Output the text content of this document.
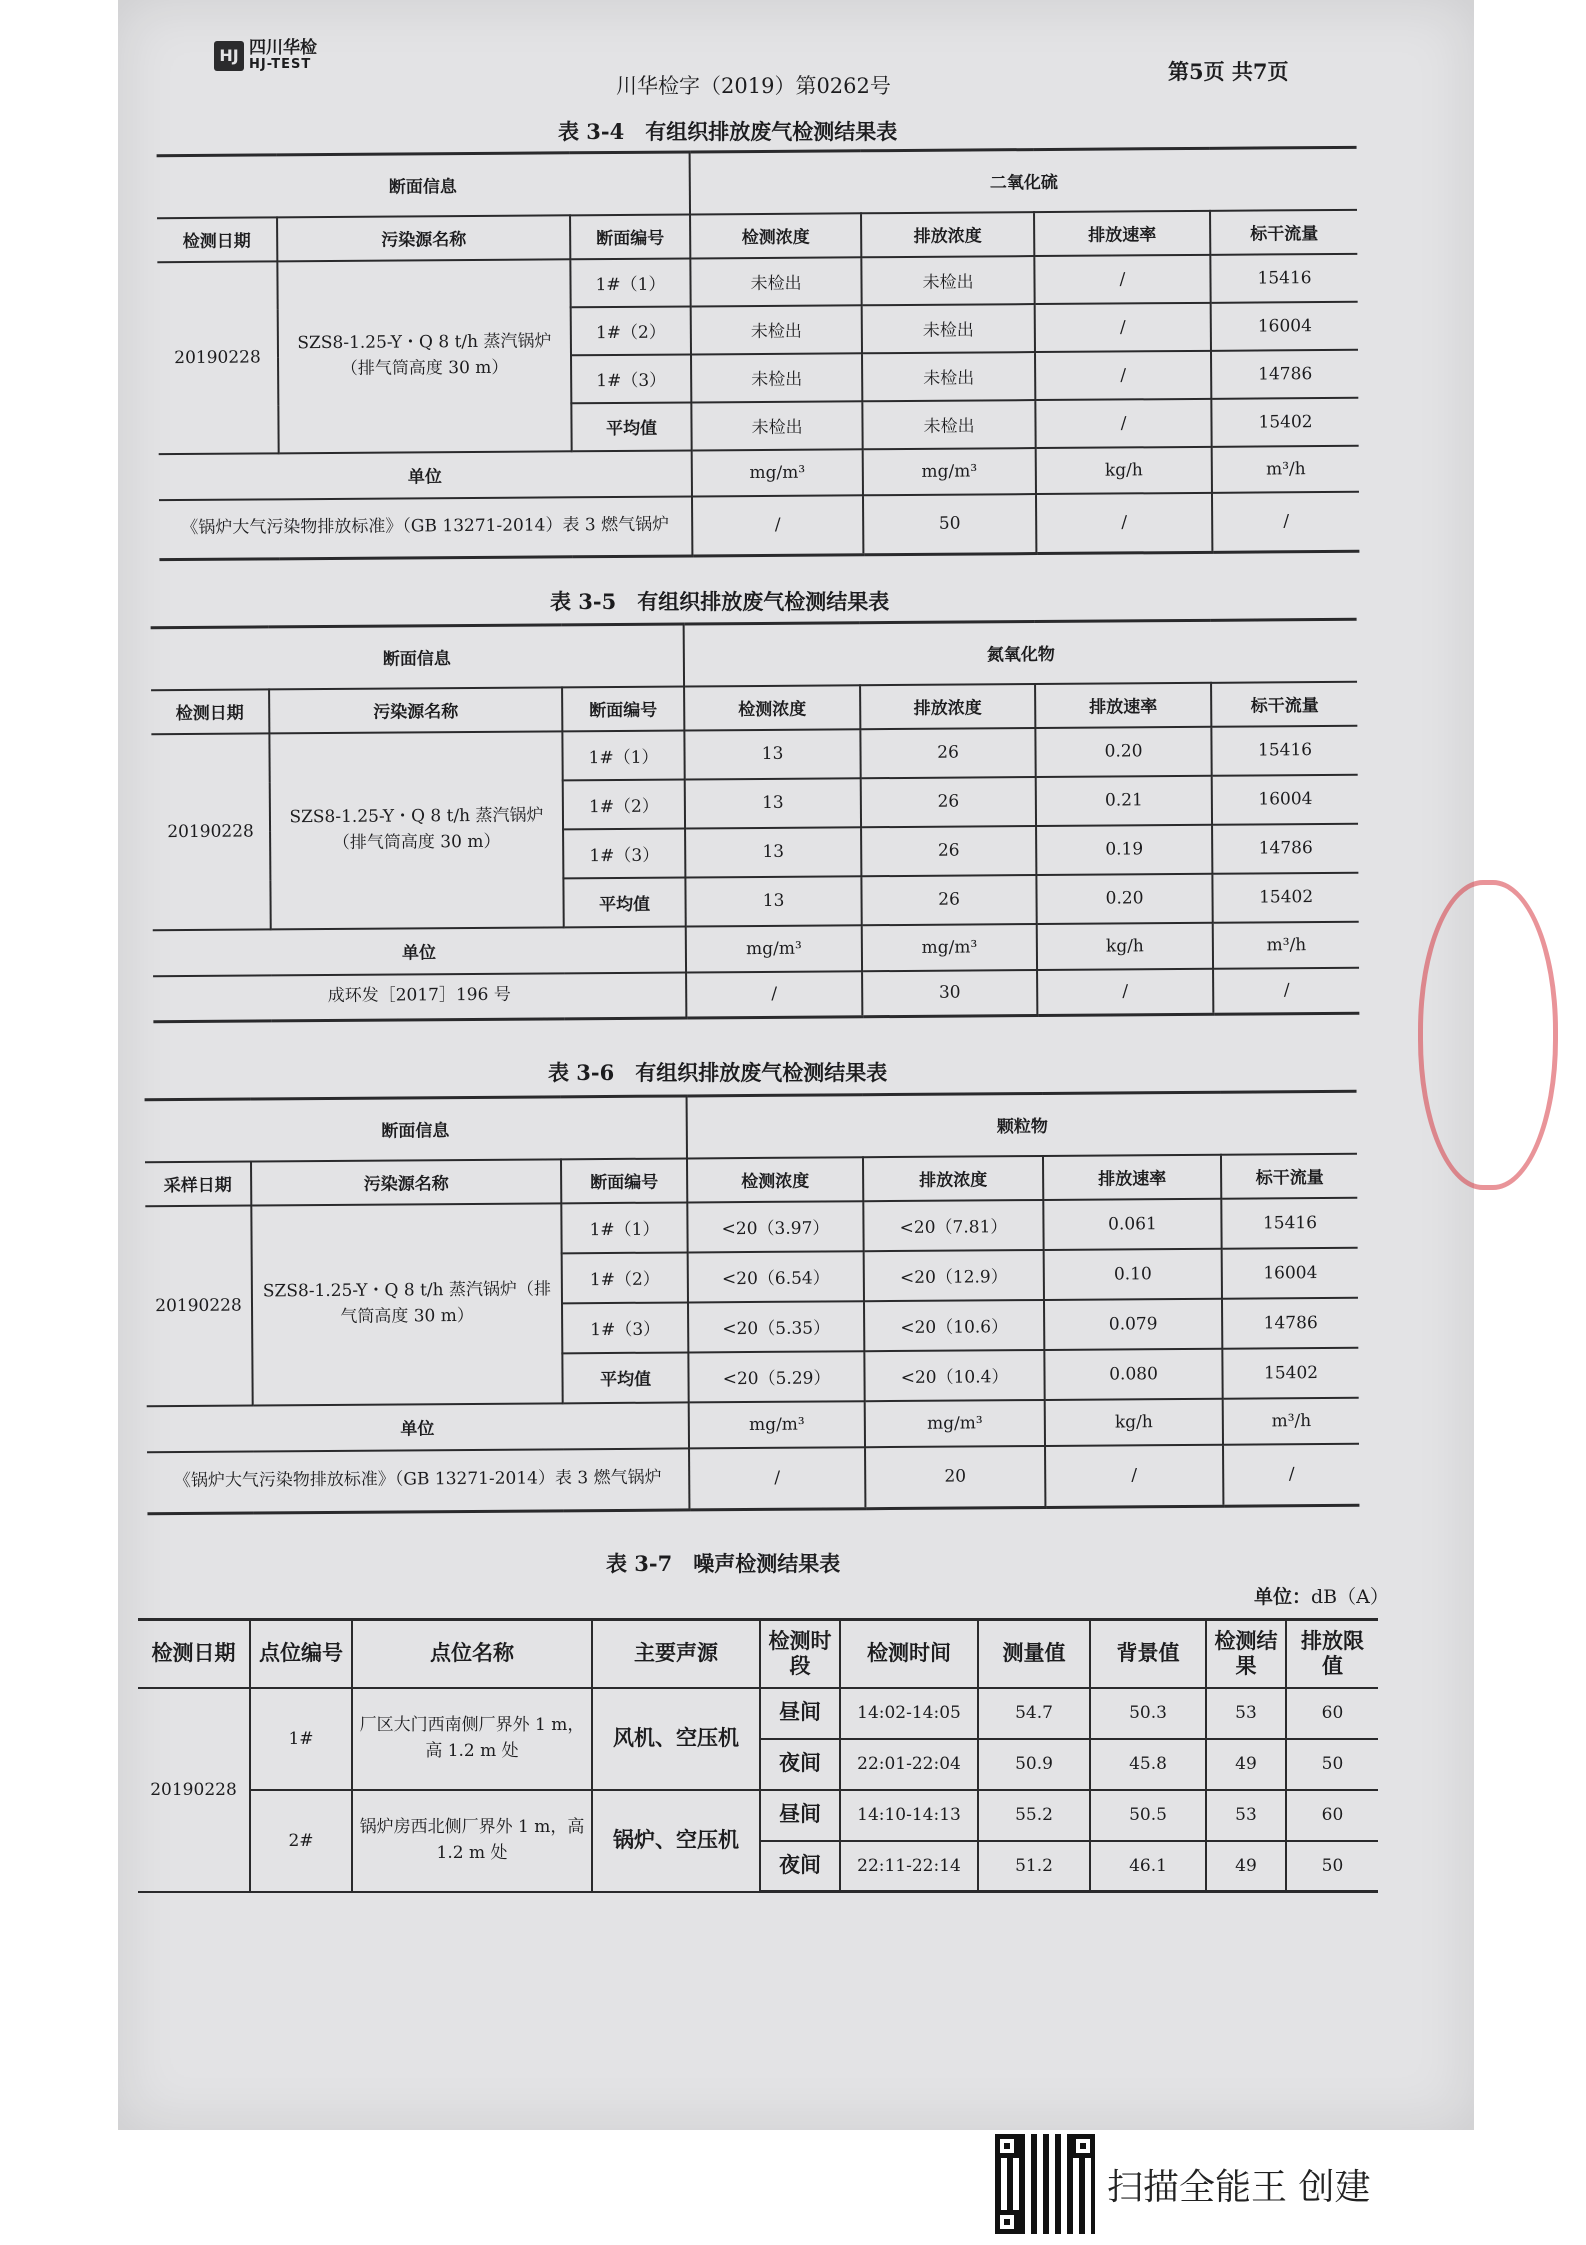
HJ 四川华检
HJ-TEST
川华检字（2019）第0262号
第5页 共7页
表 3-4　有组织排放废气检测结果表
断面信息			二氧化硫			
检测日期	污染源名称	断面编号	检测浓度	排放浓度	排放速率	标干流量
20190228	SZS8-1.25-Y・Q 8 t/h 蒸汽锅炉（排气筒高度 30 m）	1#（1）	未检出	未检出	/	15416
		1#（2）	未检出	未检出	/	16004
		1#（3）	未检出	未检出	/	14786
		平均值	未检出	未检出	/	15402
单位			mg/m³	mg/m³	kg/h	m³/h
《锅炉大气污染物排放标准》（GB 13271-2014）表 3 燃气锅炉			/	50	/	/
表 3-5　有组织排放废气检测结果表
断面信息			氮氧化物			
检测日期	污染源名称	断面编号	检测浓度	排放浓度	排放速率	标干流量
20190228	SZS8-1.25-Y・Q 8 t/h 蒸汽锅炉（排气筒高度 30 m）	1#（1）	13	26	0.20	15416
		1#（2）	13	26	0.21	16004
		1#（3）	13	26	0.19	14786
		平均值	13	26	0.20	15402
单位			mg/m³	mg/m³	kg/h	m³/h
成环发［2017］196 号			/	30	/	/
表 3-6　有组织排放废气检测结果表
断面信息			颗粒物			
采样日期	污染源名称	断面编号	检测浓度	排放浓度	排放速率	标干流量
20190228	SZS8-1.25-Y・Q 8 t/h 蒸汽锅炉（排气筒高度 30 m）	1#（1）	<20（3.97）	<20（7.81）	0.061	15416
		1#（2）	<20（6.54）	<20（12.9）	0.10	16004
		1#（3）	<20（5.35）	<20（10.6）	0.079	14786
		平均值	<20（5.29）	<20（10.4）	0.080	15402
单位			mg/m³	mg/m³	kg/h	m³/h
《锅炉大气污染物排放标准》（GB 13271-2014）表 3 燃气锅炉			/	20	/	/
表 3-7　噪声检测结果表
单位：dB（A）
检测日期	点位编号	点位名称	主要声源	检测时段	检测时间	测量值	背景值	检测结果	排放限值
20190228	1#	厂区大门西南侧厂界外 1 m，高 1.2 m 处	风机、空压机	昼间	14:02-14:05	54.7	50.3	53	60
				夜间	22:01-22:04	50.9	45.8	49	50
	2#	锅炉房西北侧厂界外 1 m，高 1.2 m 处	锅炉、空压机	昼间	14:10-14:13	55.2	50.5	53	60
				夜间	22:11-22:14	51.2	46.1	49	50
扫描全能王 创建
